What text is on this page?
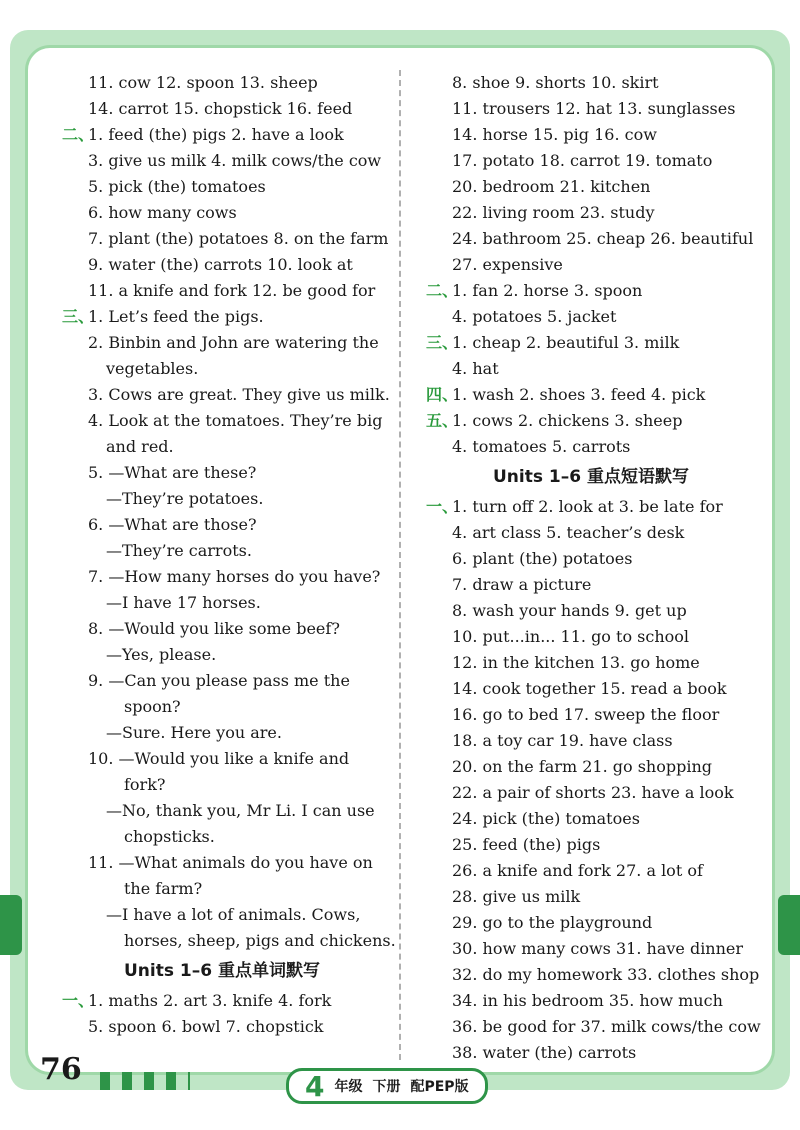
11. cow 12. spoon 13. sheep
14. carrot 15. chopstick 16. feed
二、1. feed (the) pigs 2. have a look
3. give us milk 4. milk cows/the cow
5. pick (the) tomatoes
6. how many cows
7. plant (the) potatoes 8. on the farm
9. water (the) carrots 10. look at
11. a knife and fork 12. be good for
三、1. Let’s feed the pigs.
2. Binbin and John are watering the
vegetables.
3. Cows are great. They give us milk.
4. Look at the tomatoes. They’re big
and red.
5. —What are these?
—They’re potatoes.
6. —What are those?
—They’re carrots.
7. —How many horses do you have?
—I have 17 horses.
8. —Would you like some beef?
—Yes, please.
9. —Can you please pass me the
spoon?
—Sure. Here you are.
10. —Would you like a knife and
fork?
—No, thank you, Mr Li. I can use
chopsticks.
11. —What animals do you have on
the farm?
—I have a lot of animals. Cows,
horses, sheep, pigs and chickens.
Units 1–6 重点单词默写
一、1. maths 2. art 3. knife 4. fork
5. spoon 6. bowl 7. chopstick
8. shoe 9. shorts 10. skirt
11. trousers 12. hat 13. sunglasses
14. horse 15. pig 16. cow
17. potato 18. carrot 19. tomato
20. bedroom 21. kitchen
22. living room 23. study
24. bathroom 25. cheap 26. beautiful
27. expensive
二、1. fan 2. horse 3. spoon
4. potatoes 5. jacket
三、1. cheap 2. beautiful 3. milk
4. hat
四、1. wash 2. shoes 3. feed 4. pick
五、1. cows 2. chickens 3. sheep
4. tomatoes 5. carrots
Units 1–6 重点短语默写
一、1. turn off 2. look at 3. be late for
4. art class 5. teacher’s desk
6. plant (the) potatoes
7. draw a picture
8. wash your hands 9. get up
10. put...in... 11. go to school
12. in the kitchen 13. go home
14. cook together 15. read a book
16. go to bed 17. sweep the floor
18. a toy car 19. have class
20. on the farm 21. go shopping
22. a pair of shorts 23. have a look
24. pick (the) tomatoes
25. feed (the) pigs
26. a knife and fork 27. a lot of
28. give us milk
29. go to the playground
30. how many cows 31. have dinner
32. do my homework 33. clothes shop
34. in his bedroom 35. how much
36. be good for 37. milk cows/the cow
38. water (the) carrots
76	4 年级 下册 配PEP版
